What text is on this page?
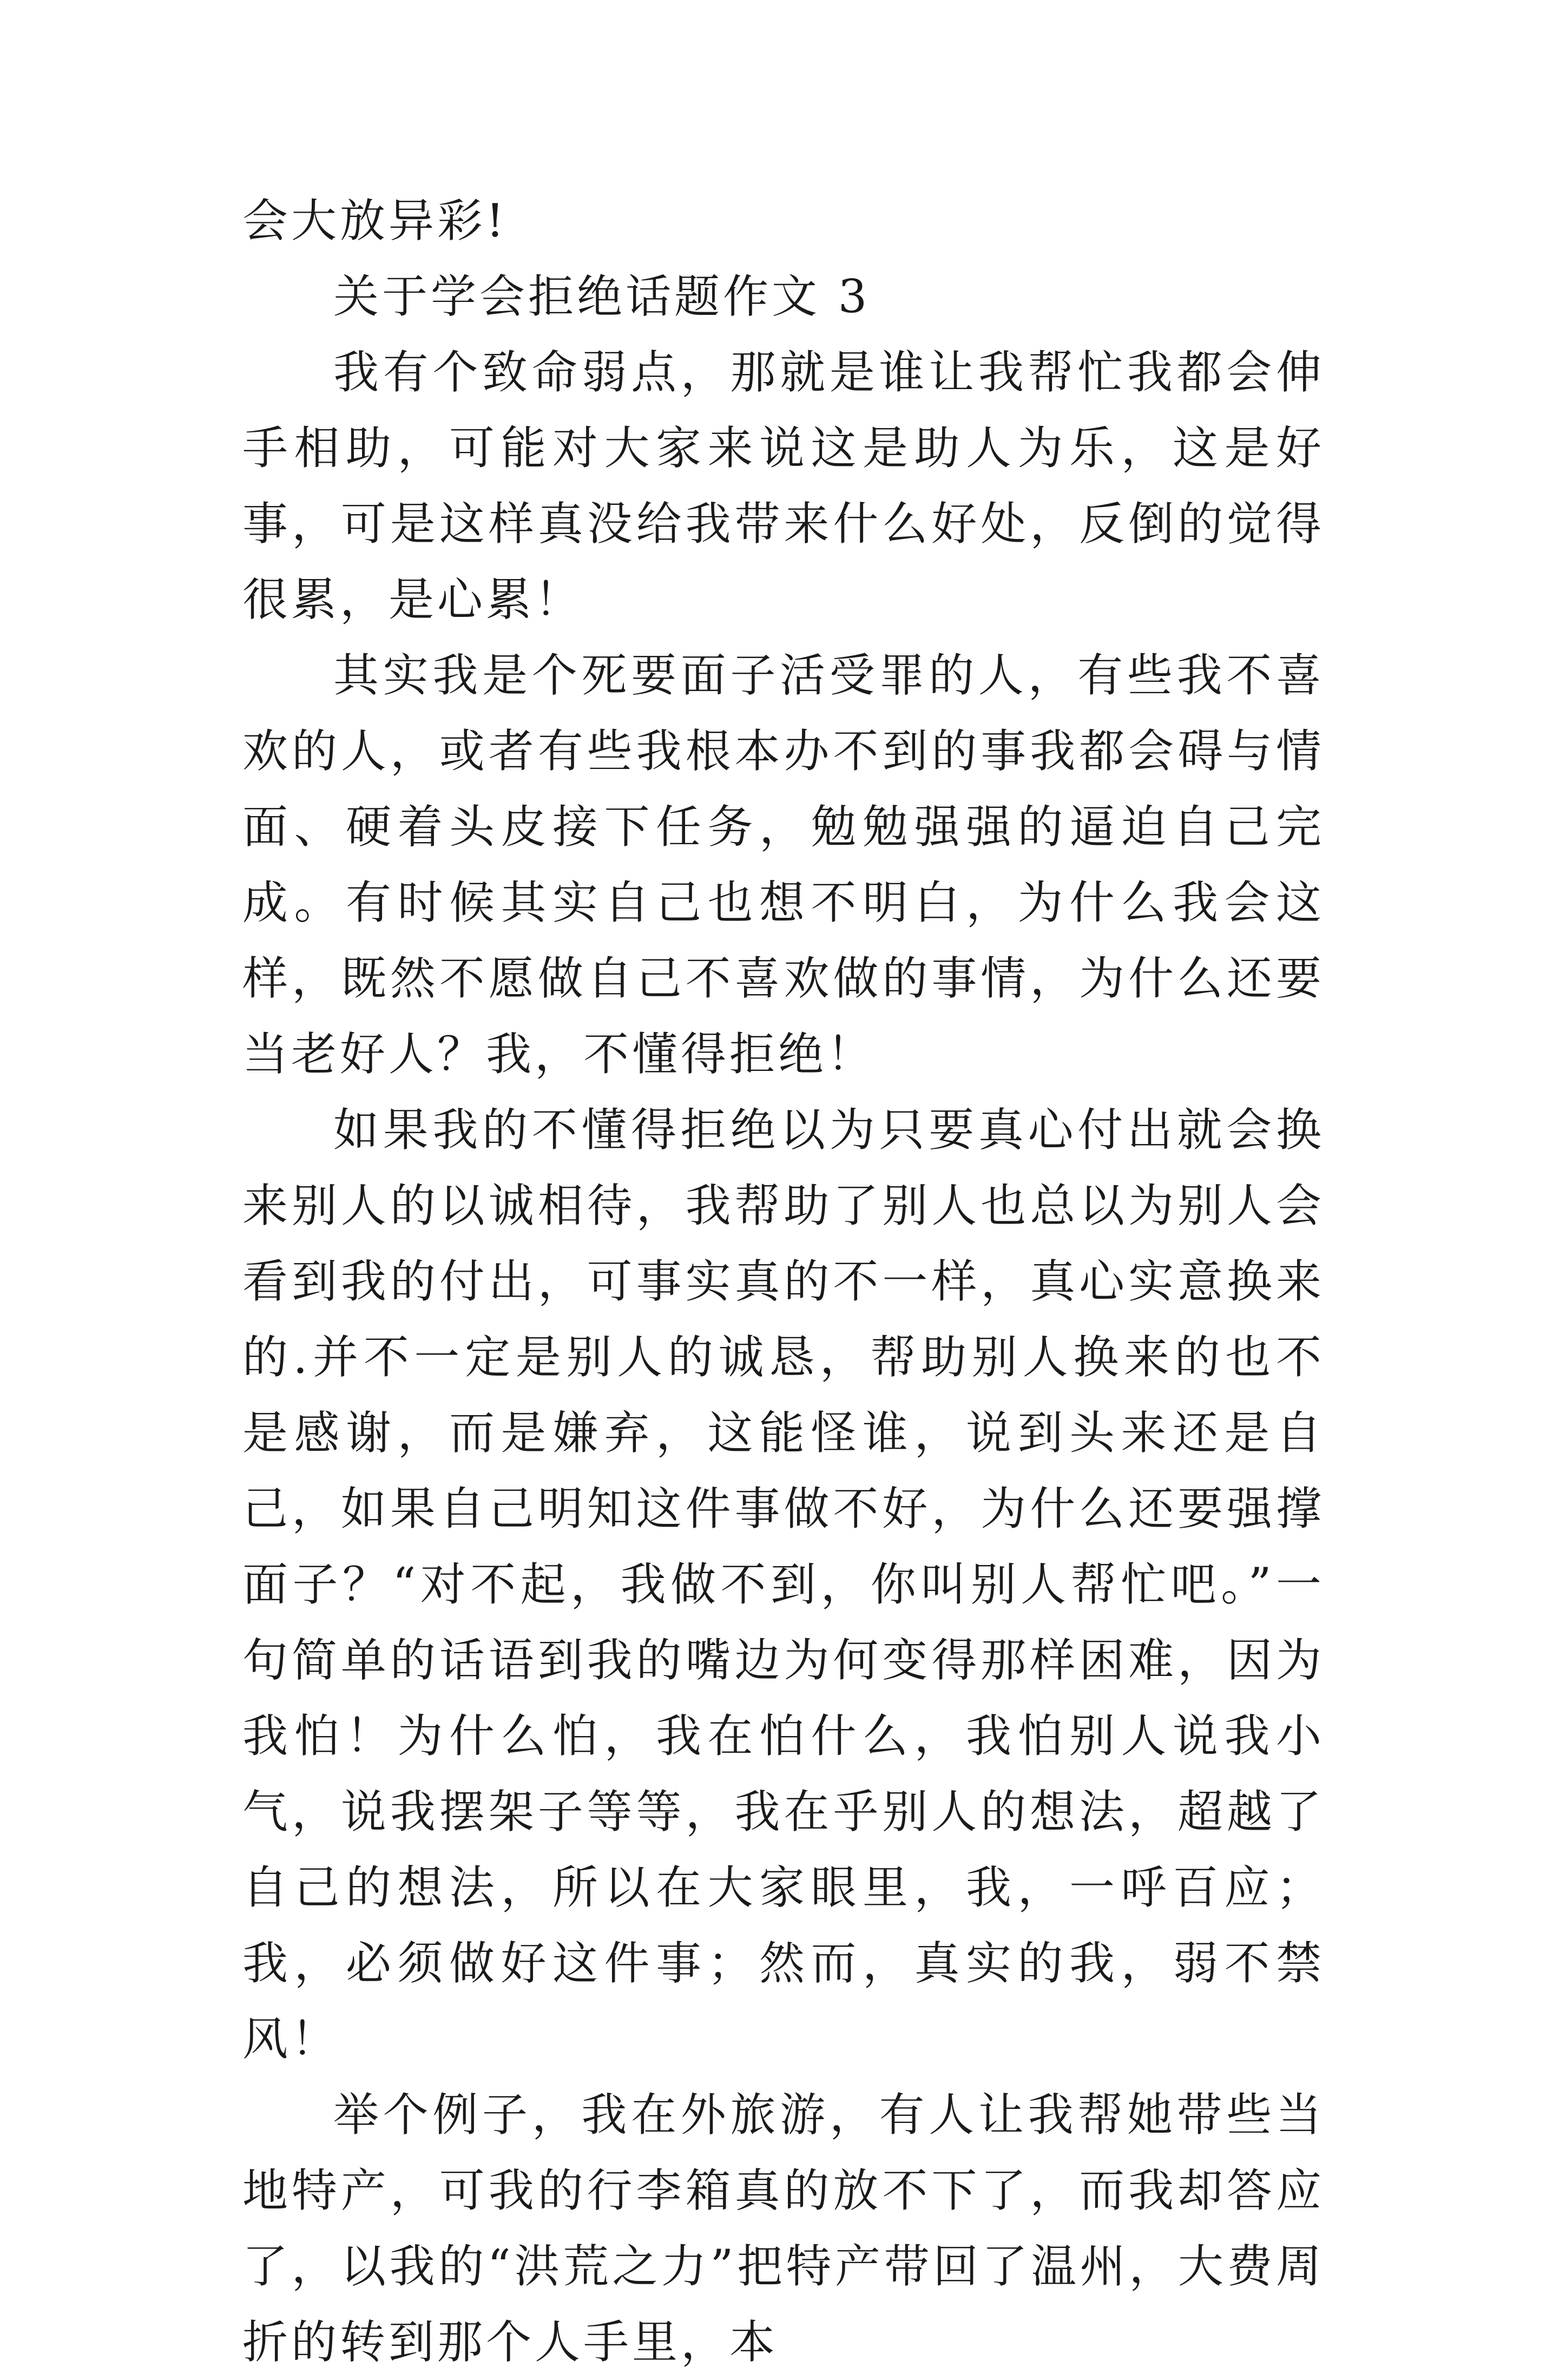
会大放异彩!

关于学会拒绝话题作文 3

我有个致命弱点，那就是谁让我帮忙我都会伸手相助，可能对大家来说这是助人为乐，这是好事，可是这样真没给我带来什么好处，反倒的觉得很累，是心累！

其实我是个死要面子活受罪的人，有些我不喜欢的人，或者有些我根本办不到的事我都会碍与情面、硬着头皮接下任务，勉勉强强的逼迫自己完成。有时候其实自己也想不明白，为什么我会这样，既然不愿做自己不喜欢做的事情，为什么还要当老好人？我，不懂得拒绝！

如果我的不懂得拒绝以为只要真心付出就会换来别人的以诚相待，我帮助了别人也总以为别人会看到我的付出，可事实真的不一样，真心实意换来的.并不一定是别人的诚恳，帮助别人换来的也不是感谢，而是嫌弃，这能怪谁，说到头来还是自己，如果自己明知这件事做不好，为什么还要强撑面子？“对不起，我做不到，你叫别人帮忙吧。”一句简单的话语到我的嘴边为何变得那样困难，因为我怕！为什么怕，我在怕什么，我怕别人说我小气，说我摆架子等等，我在乎别人的想法，超越了自己的想法，所以在大家眼里，我，一呼百应；我，必须做好这件事；然而，真实的我，弱不禁风！

举个例子，我在外旅游，有人让我帮她带些当地特产，可我的行李箱真的放不下了，而我却答应了，以我的“洪荒之力”把特产带回了温州，大费周折的转到那个人手里，本
